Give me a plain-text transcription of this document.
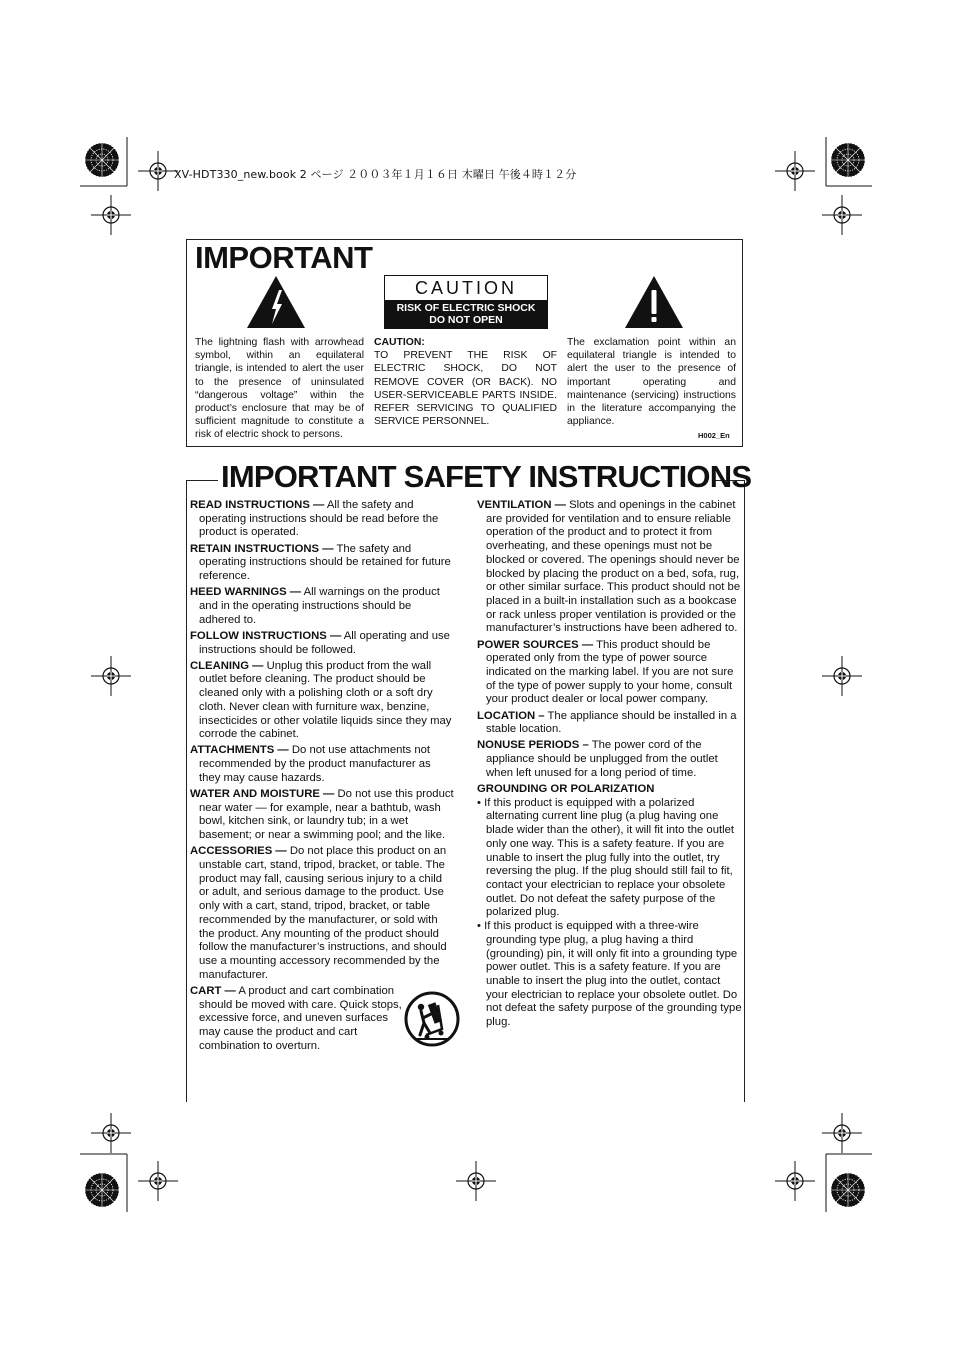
XV-HDT330_new.book 2 ページ ２００３年１月１６日 木曜日 午後４時１２分
IMPORTANT
CAUTION
RISK OF ELECTRIC SHOCK
DO NOT OPEN
The lightning flash with arrowhead symbol, within an equilateral triangle, is intended to alert the user to the presence of uninsulated “dangerous voltage” within the product’s enclosure that may be of sufficient magnitude to constitute a risk of electric shock to persons.
CAUTION:
TO PREVENT THE RISK OF ELECTRIC SHOCK, DO NOT REMOVE COVER (OR BACK). NO USER-SERVICEABLE PARTS INSIDE. REFER SERVICING TO QUALIFIED SERVICE PERSONNEL.
The exclamation point within an equilateral triangle is intended to alert the user to the presence of important operating and maintenance (servicing) instructions in the literature accompanying the appliance.
H002_En
IMPORTANT SAFETY INSTRUCTIONS
READ INSTRUCTIONS — All the safety and operating instructions should be read before the product is operated.
RETAIN INSTRUCTIONS — The safety and operating instructions should be retained for future reference.
HEED WARNINGS — All warnings on the product and in the operating instructions should be adhered to.
FOLLOW INSTRUCTIONS — All operating and use instructions should be followed.
CLEANING — Unplug this product from the wall outlet before cleaning. The product should be cleaned only with a polishing cloth or a soft dry cloth. Never clean with furniture wax, benzine, insecticides or other volatile liquids since they may corrode the cabinet.
ATTACHMENTS — Do not use attachments not recommended by the product manufacturer as they may cause hazards.
WATER AND MOISTURE — Do not use this product near water — for example, near a bathtub, wash bowl, kitchen sink, or laundry tub; in a wet basement; or near a swimming pool; and the like.
ACCESSORIES — Do not place this product on an unstable cart, stand, tripod, bracket, or table. The product may fall, causing serious injury to a child or adult, and serious damage to the product. Use only with a cart, stand, tripod, bracket, or table recommended by the manufacturer, or sold with the product. Any mounting of the product should follow the manufacturer’s instructions, and should use a mounting accessory recommended by the manufacturer.
CART — A product and cart combination should be moved with care. Quick stops, excessive force, and uneven surfaces may cause the product and cart combination to overturn.
VENTILATION — Slots and openings in the cabinet are provided for ventilation and to ensure reliable operation of the product and to protect it from overheating, and these openings must not be blocked or covered. The openings should never be blocked by placing the product on a bed, sofa, rug, or other similar surface. This product should not be placed in a built-in installation such as a bookcase or rack unless proper ventilation is provided or the manufacturer’s instructions have been adhered to.
POWER SOURCES — This product should be operated only from the type of power source indicated on the marking label. If you are not sure of the type of power supply to your home, consult your product dealer or local power company.
LOCATION – The appliance should be installed in a stable location.
NONUSE PERIODS – The power cord of the appliance should be unplugged from the outlet when left unused for a long period of time.
GROUNDING OR POLARIZATION
• If this product is equipped with a polarized alternating current line plug (a plug having one blade wider than the other), it will fit into the outlet only one way. This is a safety feature. If you are unable to insert the plug fully into the outlet, try reversing the plug. If the plug should still fail to fit, contact your electrician to replace your obsolete outlet. Do not defeat the safety purpose of the polarized plug.
• If this product is equipped with a three-wire grounding type plug, a plug having a third (grounding) pin, it will only fit into a grounding type power outlet. This is a safety feature. If you are unable to insert the plug into the outlet, contact your electrician to replace your obsolete outlet. Do not defeat the safety purpose of the grounding type plug.
